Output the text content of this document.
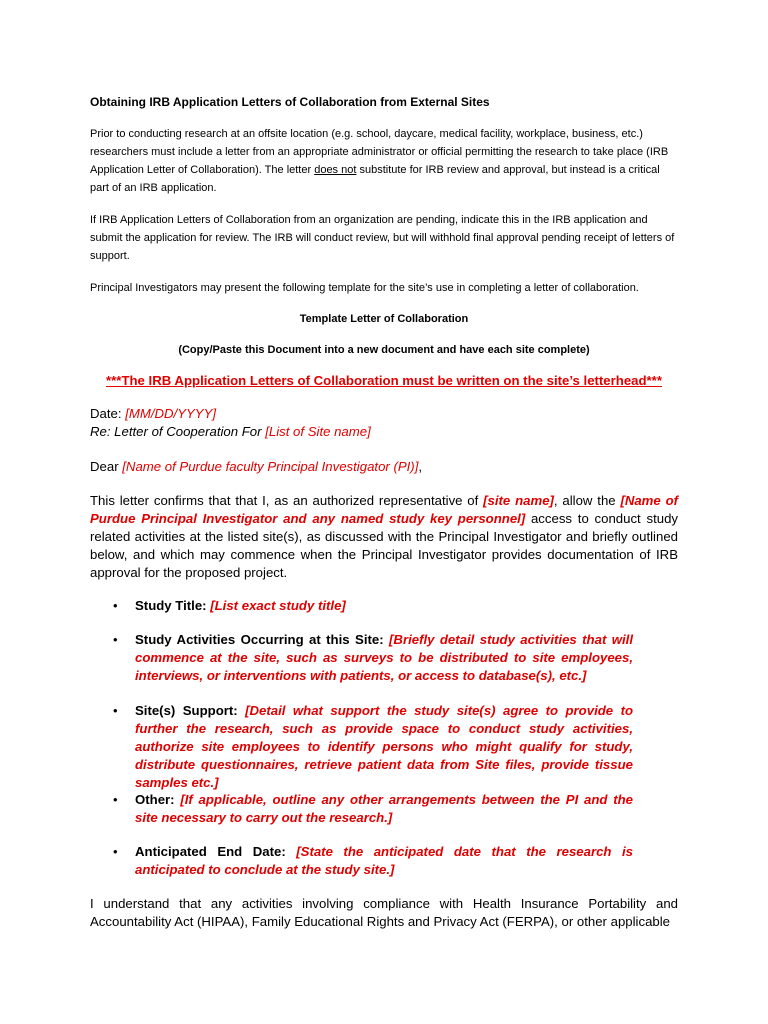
Obtaining IRB Application Letters of Collaboration from External Sites
Prior to conducting research at an offsite location (e.g. school, daycare, medical facility, workplace, business, etc.) researchers must include a letter from an appropriate administrator or official permitting the research to take place (IRB Application Letter of Collaboration). The letter does not substitute for IRB review and approval, but instead is a critical part of an IRB application.
If IRB Application Letters of Collaboration from an organization are pending, indicate this in the IRB application and submit the application for review. The IRB will conduct review, but will withhold final approval pending receipt of letters of support.
Principal Investigators may present the following template for the site’s use in completing a letter of collaboration.
Template Letter of Collaboration
(Copy/Paste this Document into a new document and have each site complete)
***The IRB Application Letters of Collaboration must be written on the site’s letterhead***
Date: [MM/DD/YYYY]
Re: Letter of Cooperation For [List of Site name]
Dear [Name of Purdue faculty Principal Investigator (PI)],
This letter confirms that that I, as an authorized representative of [site name], allow the [Name of Purdue Principal Investigator and any named study key personnel] access to conduct study related activities at the listed site(s), as discussed with the Principal Investigator and briefly outlined below, and which may commence when the Principal Investigator provides documentation of IRB approval for the proposed project.
• Study Title: [List exact study title]
• Study Activities Occurring at this Site: [Briefly detail study activities that will commence at the site, such as surveys to be distributed to site employees, interviews, or interventions with patients, or access to database(s), etc.]
• Site(s) Support: [Detail what support the study site(s) agree to provide to further the research, such as provide space to conduct study activities, authorize site employees to identify persons who might qualify for study, distribute questionnaires, retrieve patient data from Site files, provide tissue samples etc.]
• Other: [If applicable, outline any other arrangements between the PI and the site necessary to carry out the research.]
• Anticipated End Date: [State the anticipated date that the research is anticipated to conclude at the study site.]
I understand that any activities involving compliance with Health Insurance Portability and Accountability Act (HIPAA), Family Educational Rights and Privacy Act (FERPA), or other applicable
